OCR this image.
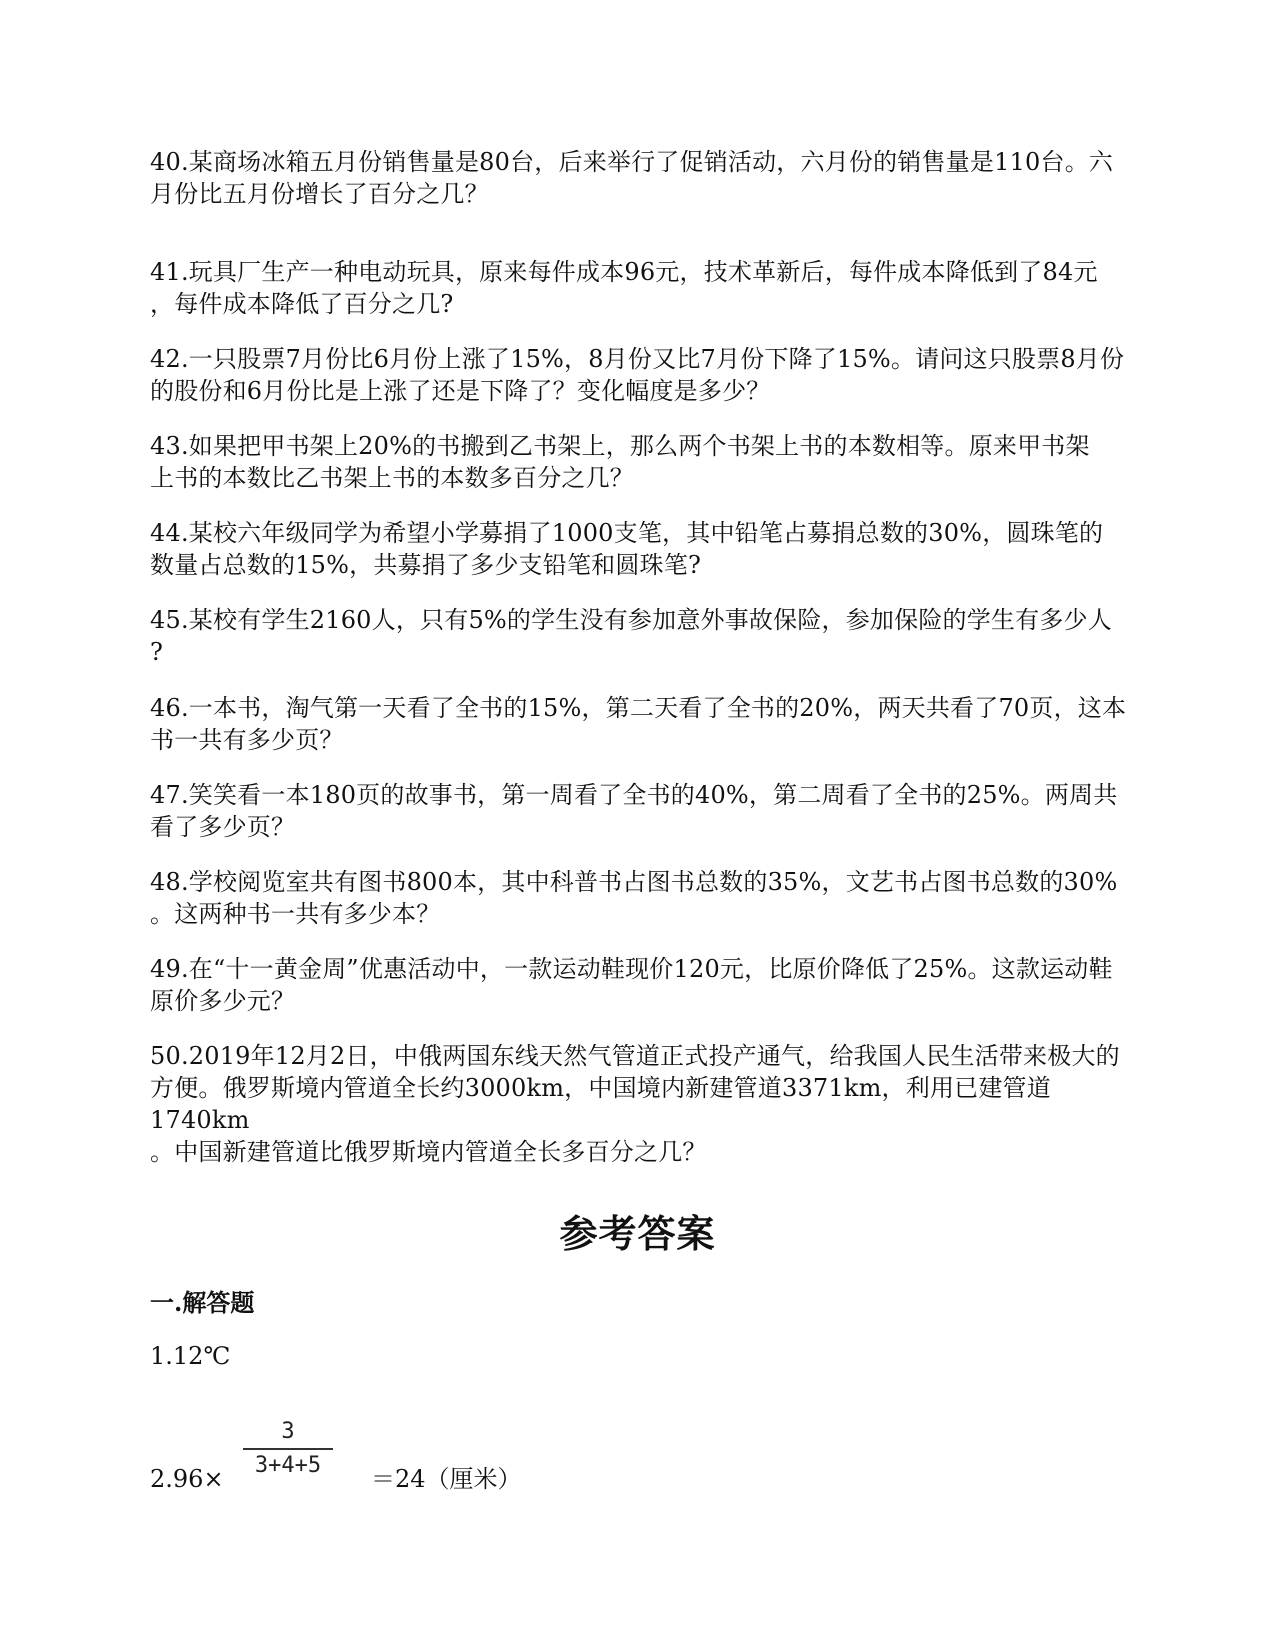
40.某商场冰箱五月份销售量是80台，后来举行了促销活动，六月份的销售量是110台。六
月份比五月份增长了百分之几？
41.玩具厂生产一种电动玩具，原来每件成本96元，技术革新后，每件成本降低到了84元
，每件成本降低了百分之几?
42.一只股票7月份比6月份上涨了15%，8月份又比7月份下降了15%。请问这只股票8月份
的股份和6月份比是上涨了还是下降了？变化幅度是多少？
43.如果把甲书架上20%的书搬到乙书架上，那么两个书架上书的本数相等。原来甲书架
上书的本数比乙书架上书的本数多百分之几？
44.某校六年级同学为希望小学募捐了1000支笔，其中铅笔占募捐总数的30%，圆珠笔的
数量占总数的15%，共募捐了多少支铅笔和圆珠笔?
45.某校有学生2160人，只有5%的学生没有参加意外事故保险，参加保险的学生有多少人
?
46.一本书，淘气第一天看了全书的15%，第二天看了全书的20%，两天共看了70页，这本
书一共有多少页？
47.笑笑看一本180页的故事书，第一周看了全书的40%，第二周看了全书的25%。两周共
看了多少页？
48.学校阅览室共有图书800本，其中科普书占图书总数的35%，文艺书占图书总数的30%
。这两种书一共有多少本？
49.在“十一黄金周”优惠活动中，一款运动鞋现价120元，比原价降低了25%。这款运动鞋
原价多少元？
50.2019年12月2日，中俄两国东线天然气管道正式投产通气，给我国人民生活带来极大的
方便。俄罗斯境内管道全长约3000km，中国境内新建管道3371km，利用已建管道1740km
。中国新建管道比俄罗斯境内管道全长多百分之几？
参考答案
一.解答题
1.12℃
2.96×
3
3+4+5	＝24（厘米）
